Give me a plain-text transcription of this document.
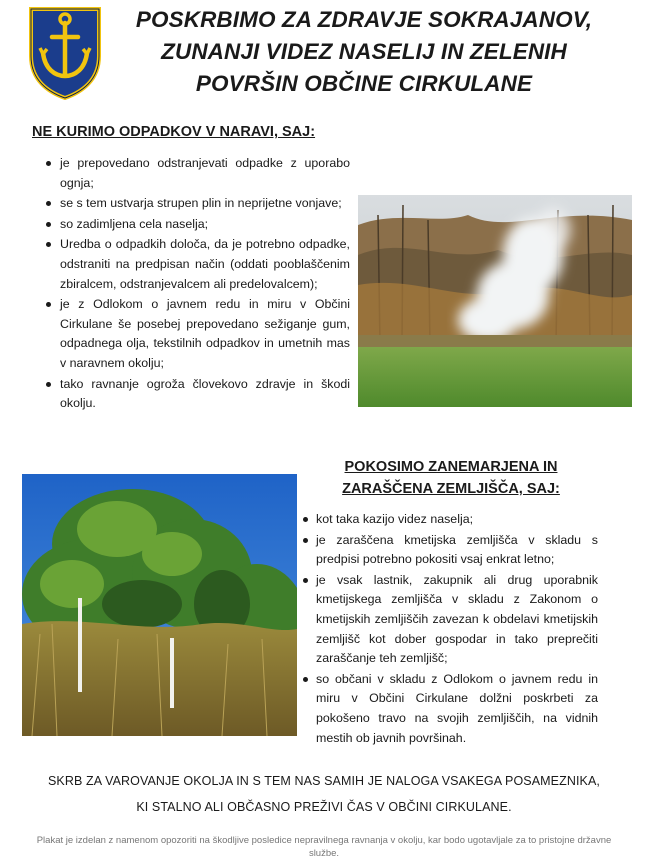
POSKRBIMO ZA ZDRAVJE SOKRAJANOV,
ZUNANJI VIDEZ NASELIJ IN ZELENIH
POVRŠIN OBČINE CIRKULANE
NE KURIMO ODPADKOV V NARAVI, SAJ:
je prepovedano odstranjevati odpadke z uporabo ognja;
se s tem ustvarja strupen plin in neprijetne vonjave;
so zadimljena cela naselja;
Uredba o odpadkih določa, da je potrebno odpadke, odstraniti na predpisan način (oddati pooblaščenim zbiralcem, odstranjevalcem ali predelovalcem);
je z Odlokom o javnem redu in miru v Občini Cirkulane še posebej prepovedano sežiganje gum, odpadnega olja, tekstilnih odpadkov in umetnih mas v naravnem okolju;
tako ravnanje ogroža človekovo zdravje in škodi okolju.
POKOSIMO ZANEMARJENA IN
ZARAŠČENA ZEMLJIŠČA, SAJ:
kot taka kazijo videz naselja;
je zaraščena kmetijska zemljišča v skladu s predpisi potrebno pokositi vsaj enkrat letno;
je vsak lastnik, zakupnik ali drug uporabnik kmetijskega zemljišča v skladu z Zakonom o kmetijskih zemljiščih zavezan k obdelavi kmetijskih zemljišč kot dober gospodar in tako preprečiti zaraščanje teh zemljišč;
so občani v skladu z Odlokom o javnem redu in miru v Občini Cirkulane dolžni poskrbeti za pokošeno travo na svojih zemljiščih, na vidnih mestih ob javnih površinah.
SKRB ZA VAROVANJE OKOLJA IN S TEM NAS SAMIH JE NALOGA VSAKEGA POSAMEZNIKA,
KI STALNO ALI OBČASNO PREŽIVI ČAS V OBČINI CIRKULANE.
Plakat je izdelan z namenom opozoriti na škodljive posledice nepravilnega ravnanja v okolju, kar bodo ugotavljale za to pristojne državne službe.
